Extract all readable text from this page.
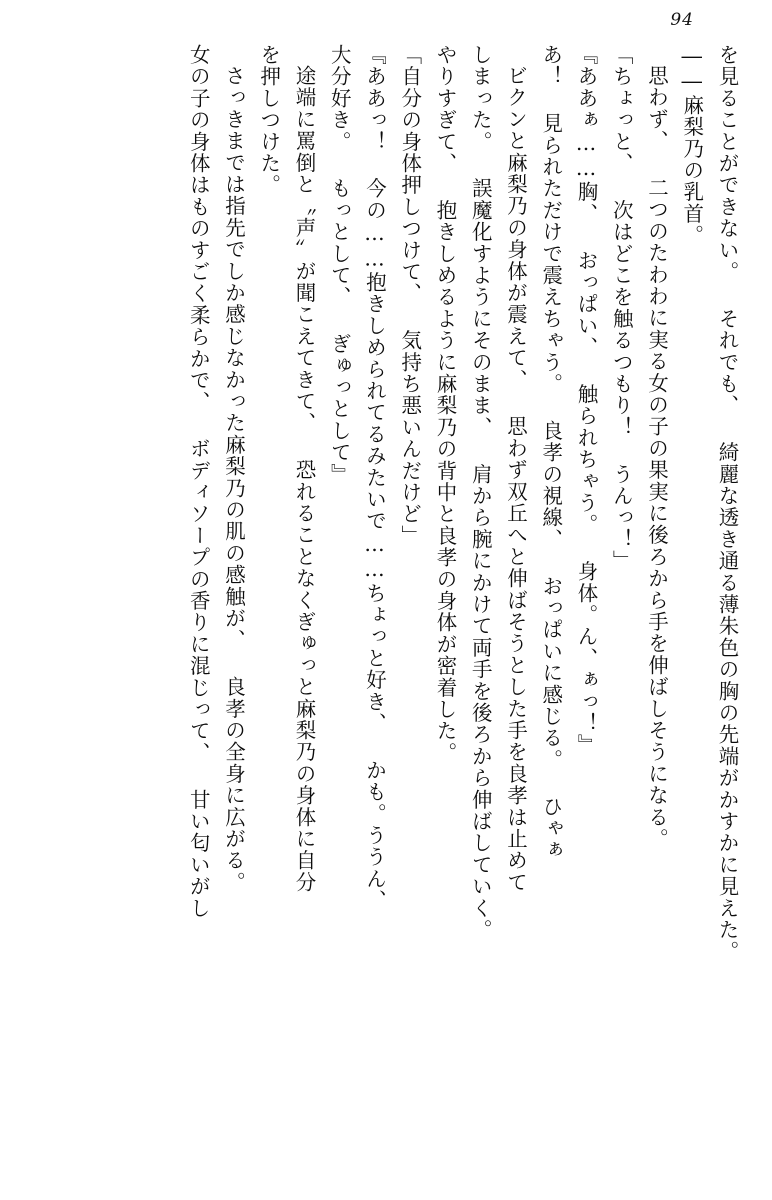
94

を見ることができない。 それでも、 綺麗な透き通る薄朱色の胸の先端がかすかに見えた。

――麻梨乃の乳首。

思わず、 二つのたわわに実る女の子の果実に後ろから手を伸ばしそうになる。

「ちょっと、 次はどこを触るつもり！ うんっ！」

『ああぁ……胸、 おっぱい、 触られちゃう。 身体。ん、ぁっ！』

あ！ 見られただけで震えちゃう。 良孝の視線、 おっぱいに感じる。 ひゃぁ

ビクンと麻梨乃の身体が震えて、 思わず双丘へと伸ばそうとした手を良孝は止めて

しまった。 誤魔化すようにそのまま、 肩から腕にかけて両手を後ろから伸ばしていく。

やりすぎて、 抱きしめるように麻梨乃の背中と良孝の身体が密着した。

「自分の身体押しつけて、 気持ち悪いんだけど」

『ああっ！ 今の……抱きしめられてるみたいで……ちょっと好き、 かも。ううん、

大分好き。 もっとして、 ぎゅっとして』

途端に罵倒と〝声〟が聞こえてきて、 恐れることなくぎゅっと麻梨乃の身体に自分

を押しつけた。

さっきまでは指先でしか感じなかった麻梨乃の肌の感触が、 良孝の全身に広がる。

女の子の身体はものすごく柔らかで、 ボディソープの香りに混じって、 甘い匂いがし
